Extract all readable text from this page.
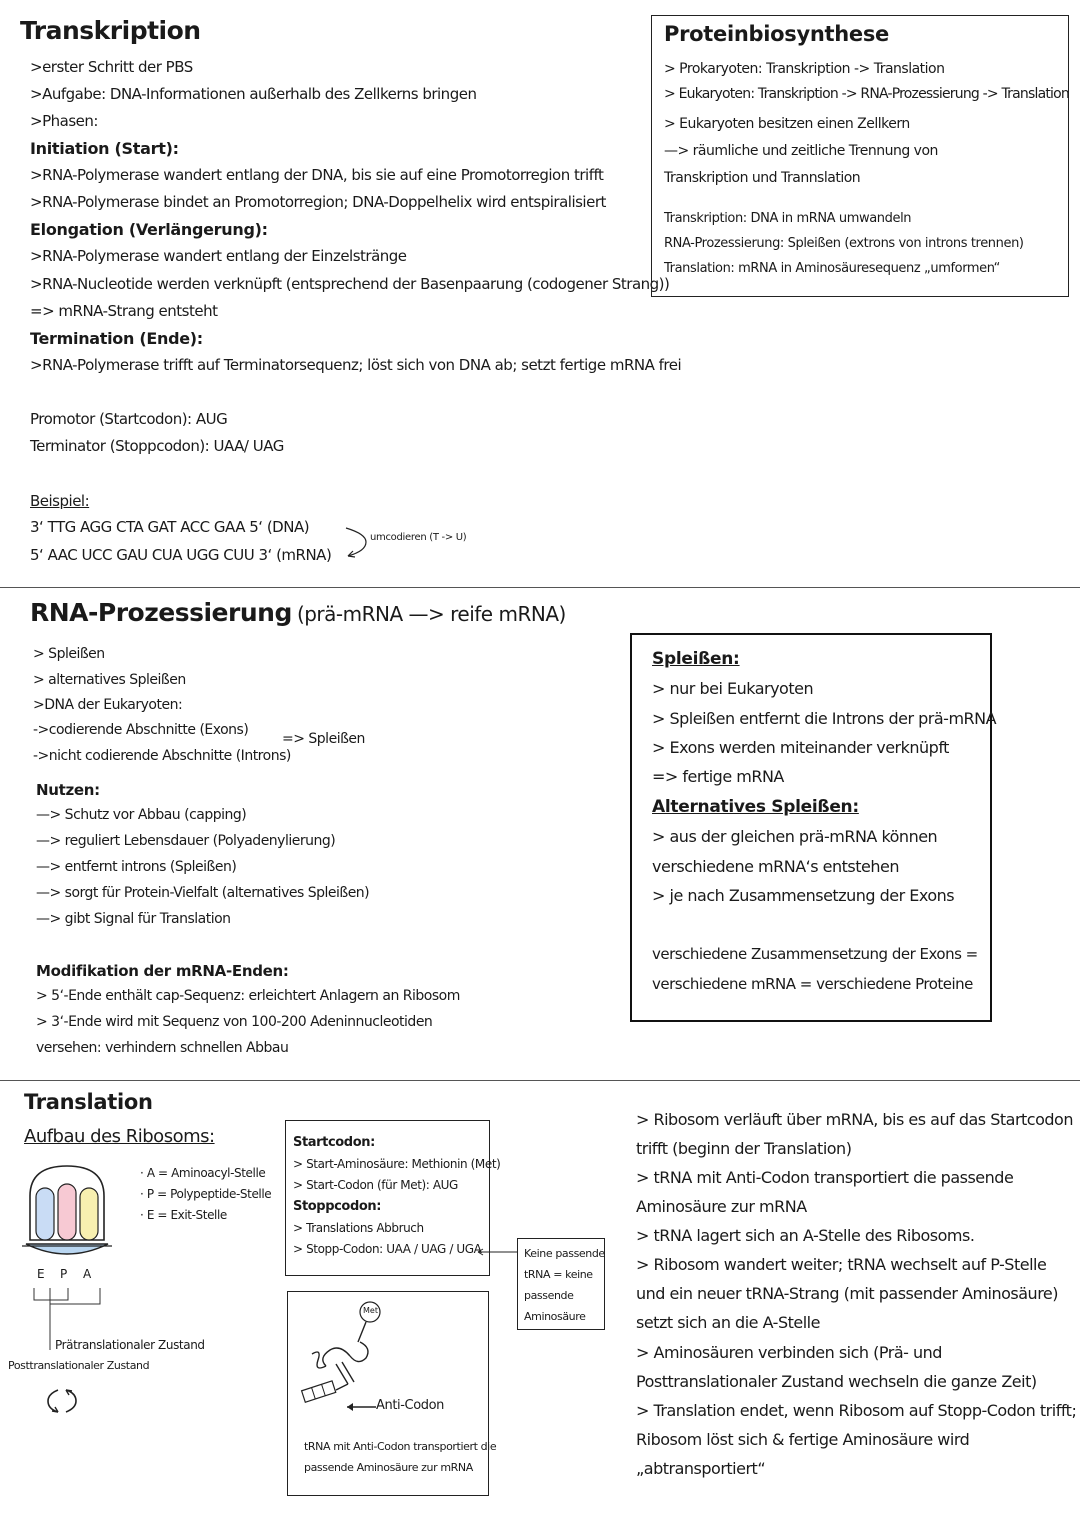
Transkription
>erster Schritt der PBS
>Aufgabe: DNA-Informationen außerhalb des Zellkerns bringen
>Phasen:
Initiation (Start):
>RNA-Polymerase wandert entlang der DNA, bis sie auf eine Promotorregion trifft
>RNA-Polymerase bindet an Promotorregion; DNA-Doppelhelix wird entspiralisiert
Elongation (Verlängerung):
>RNA-Polymerase wandert entlang der Einzelstränge
>RNA-Nucleotide werden verknüpft (entsprechend der Basenpaarung (codogener Strang))
=> mRNA-Strang entsteht
Termination (Ende):
>RNA-Polymerase trifft auf Terminatorsequenz; löst sich von DNA ab; setzt fertige mRNA frei
Promotor (Startcodon): AUG
Terminator (Stoppcodon): UAA/ UAG
Beispiel:
3‘ TTG AGG CTA GAT ACC GAA 5‘ (DNA)
5‘ AAC UCC GAU CUA UGG CUU 3‘ (mRNA)
umcodieren (T -> U)
Proteinbiosynthese
> Prokaryoten: Transkription -> Translation
> Eukaryoten: Transkription -> RNA-Prozessierung -> Translation
> Eukaryoten besitzen einen Zellkern
—> räumliche und zeitliche Trennung von
Transkription und Trannslation
Transkription: DNA in mRNA umwandeln
RNA-Prozessierung: Spleißen (extrons von introns trennen)
Translation: mRNA in Aminosäuresequenz „umformen“
RNA-Prozessierung (prä-mRNA —> reife mRNA)
> Spleißen
> alternatives Spleißen
>DNA der Eukaryoten:
->codierende Abschnitte (Exons)
->nicht codierende Abschnitte (Introns)
=> Spleißen
Nutzen:
—> Schutz vor Abbau (capping)
—> reguliert Lebensdauer (Polyadenylierung)
—> entfernt introns (Spleißen)
—> sorgt für Protein-Vielfalt (alternatives Spleißen)
—> gibt Signal für Translation
Modifikation der mRNA-Enden:
> 5‘-Ende enthält cap-Sequenz: erleichtert Anlagern an Ribosom
> 3‘-Ende wird mit Sequenz von 100-200 Adeninnucleotiden
versehen: verhindern schnellen Abbau
Spleißen:
> nur bei Eukaryoten
> Spleißen entfernt die Introns der prä-mRNA
> Exons werden miteinander verknüpft
=> fertige mRNA
Alternatives Spleißen:
> aus der gleichen prä-mRNA können
verschiedene mRNA‘s entstehen
> je nach Zusammensetzung der Exons
verschiedene Zusammensetzung der Exons =
verschiedene mRNA = verschiedene Proteine
Translation
Aufbau des Ribosoms:
E P A
Prätranslationaler Zustand
Posttranslationaler Zustand
· A = Aminoacyl-Stelle
· P = Polypeptide-Stelle
· E = Exit-Stelle
Startcodon:
> Start-Aminosäure: Methionin (Met)
> Start-Codon (für Met): AUG
Stoppcodon:
> Translations Abbruch
> Stopp-Codon: UAA / UAG / UGA	Keine passende
tRNA = keine
passende
Aminosäure
Met
Anti-Codon
tRNA mit Anti-Codon transportiert die
passende Aminosäure zur mRNA
> Ribosom verläuft über mRNA, bis es auf das Startcodon
trifft (beginn der Translation)
> tRNA mit Anti-Codon transportiert die passende
Aminosäure zur mRNA
> tRNA lagert sich an A-Stelle des Ribosoms.
> Ribosom wandert weiter; tRNA wechselt auf P-Stelle
und ein neuer tRNA-Strang (mit passender Aminosäure)
setzt sich an die A-Stelle
> Aminosäuren verbinden sich (Prä- und
Posttranslationaler Zustand wechseln die ganze Zeit)
> Translation endet, wenn Ribosom auf Stopp-Codon trifft;
Ribosom löst sich & fertige Aminosäure wird
„abtransportiert“
